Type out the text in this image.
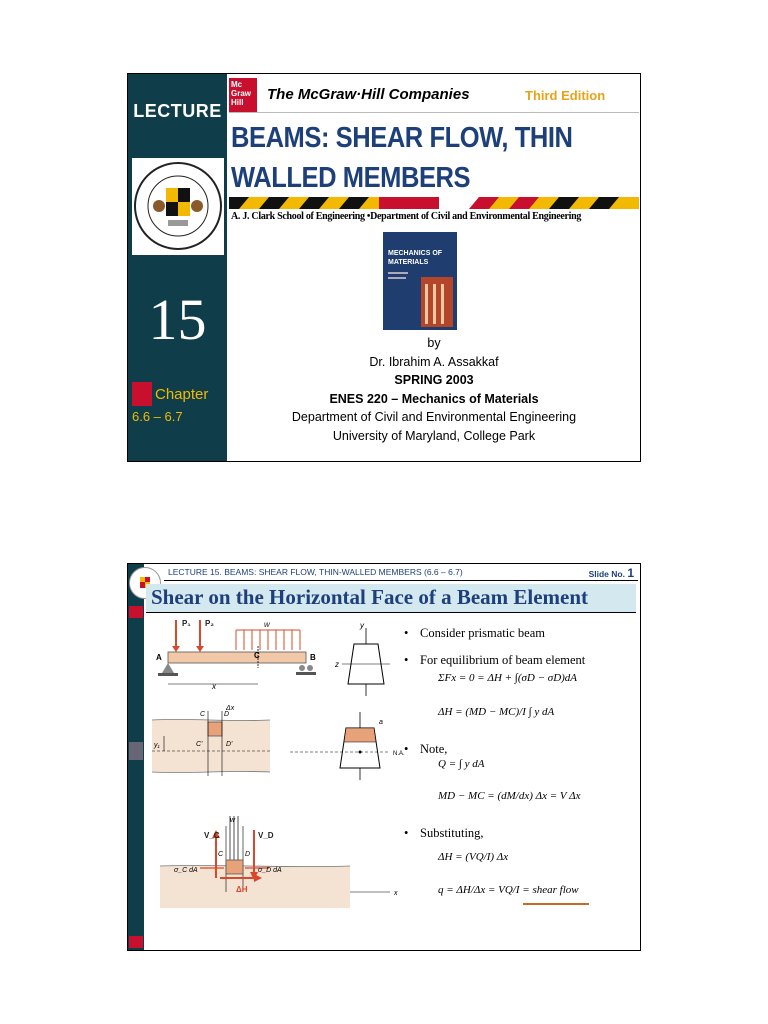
LECTURE
15
Chapter
6.6 – 6.7
Mc Graw Hill	The McGraw·Hill Companies	Third Edition
BEAMS: SHEAR FLOW, THIN
WALLED MEMBERS
A. J. Clark School of Engineering •Department of Civil and Environmental Engineering
MECHANICS OF
MATERIALS
by
Dr. Ibrahim A. Assakkaf
SPRING 2003
ENES 220 – Mechanics of Materials
Department of Civil and Environmental Engineering
University of Maryland, College Park
LECTURE 15. BEAMS: SHEAR FLOW, THIN-WALLED MEMBERS (6.6 – 6.7)	Slide No. 1
Shear on the Horizontal Face of a Beam Element
P₁ P₂	w
A	B
C
x
y
z
C	D
Δx
y₁	C'	D'
N.A.
a
w
V_C	V_D
C	D
σ_C dA	σ_D dA
ΔH	x
• Consider prismatic beam
• For equilibrium of beam element
• Note,
• Substituting,
ΣFx = 0 = ΔH + ∫(σD − σD)dA
ΔH = (MD − MC)/I ∫ y dA
Q = ∫ y dA
MD − MC = (dM/dx) Δx = V Δx
ΔH = (VQ/I) Δx
q = ΔH/Δx = VQ/I = shear flow
